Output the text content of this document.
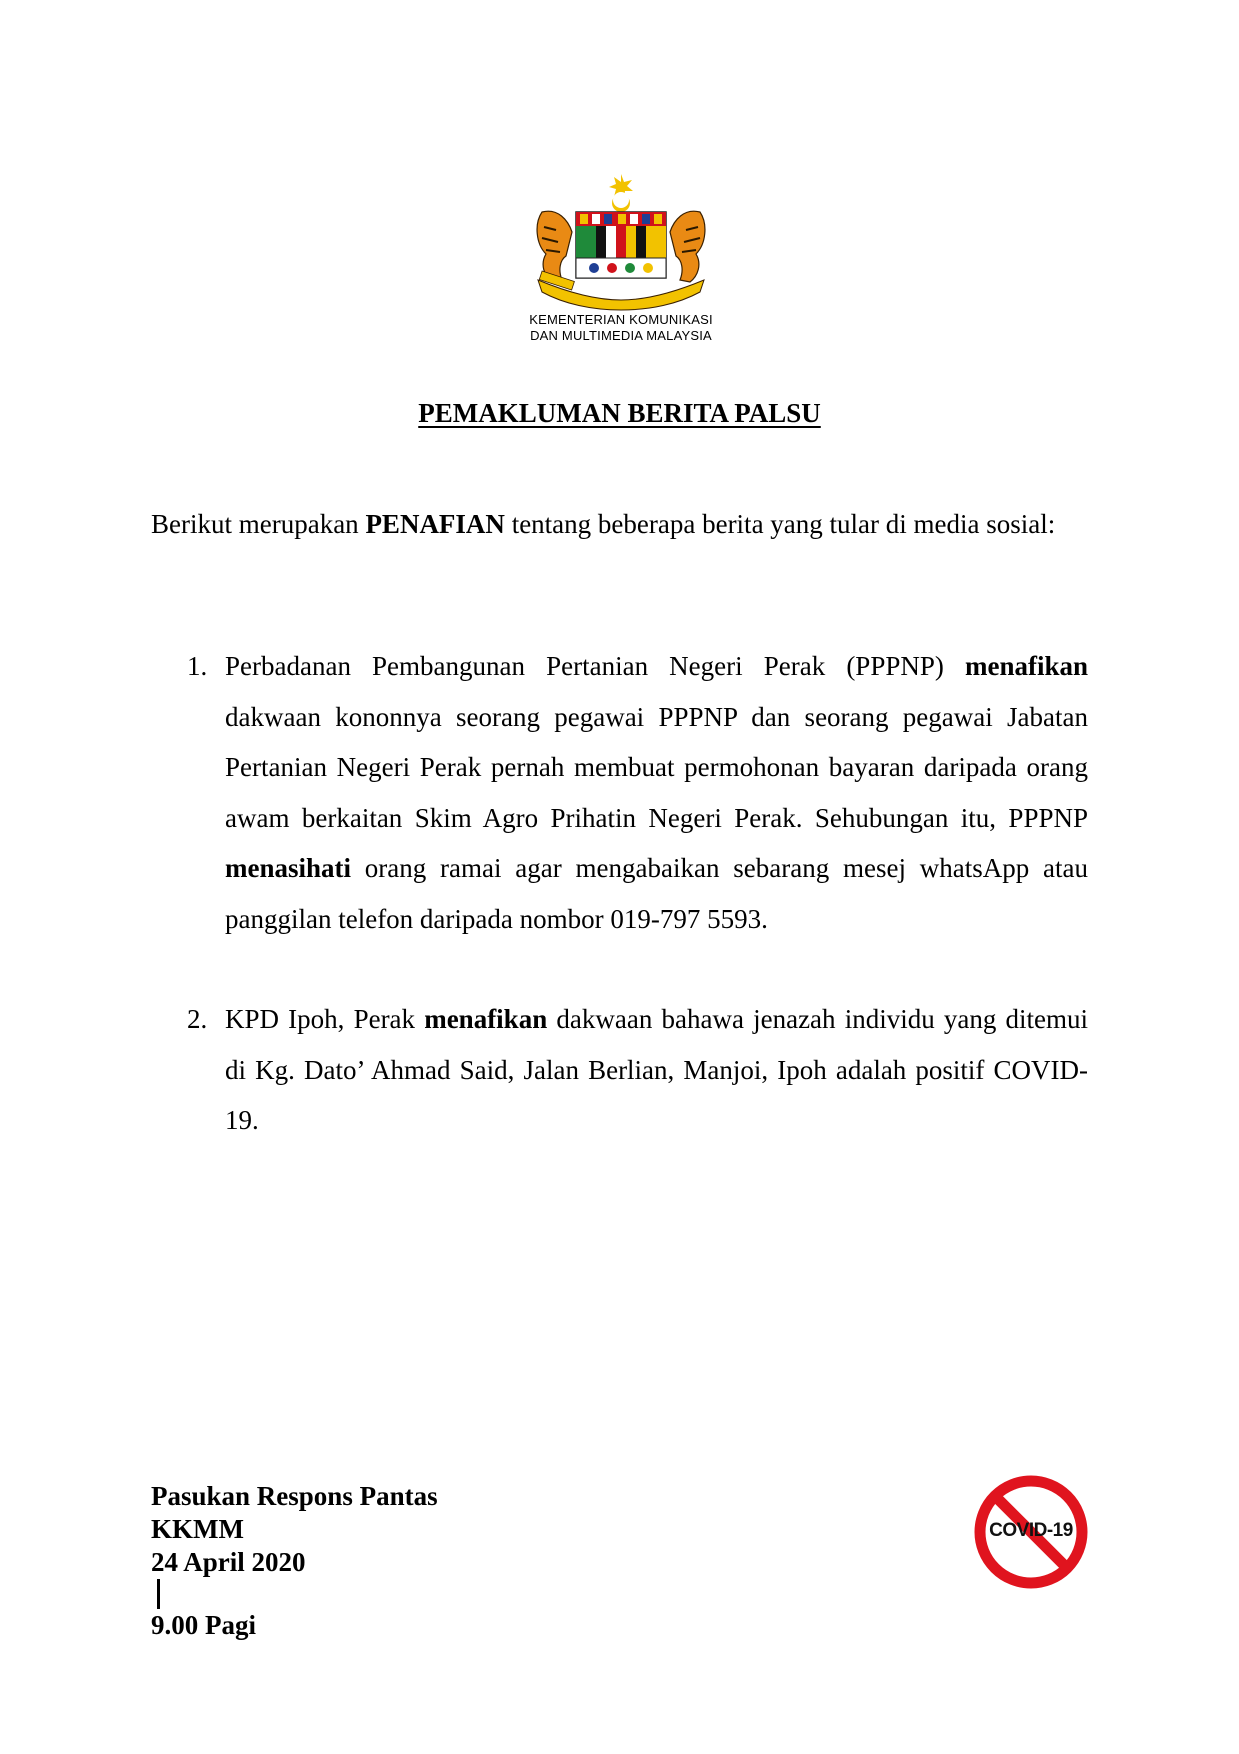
KEMENTERIAN KOMUNIKASI
DAN MULTIMEDIA MALAYSIA
PEMAKLUMAN BERITA PALSU

Berikut merupakan PENAFIAN tentang beberapa berita yang tular di media sosial:

1. Perbadanan Pembangunan Pertanian Negeri Perak (PPPNP) menafikan dakwaan kononnya seorang pegawai PPPNP dan seorang pegawai Jabatan Pertanian Negeri Perak pernah membuat permohonan bayaran daripada orang awam berkaitan Skim Agro Prihatin Negeri Perak. Sehubungan itu, PPPNP menasihati orang ramai agar mengabaikan sebarang mesej whatsApp atau panggilan telefon daripada nombor 019-797 5593.
2. KPD Ipoh, Perak menafikan dakwaan bahawa jenazah individu yang ditemui di Kg. Dato’ Ahmad Said, Jalan Berlian, Manjoi, Ipoh adalah positif COVID-19.
Pasukan Respons Pantas
KKMM
24 April 2020
9.00 Pagi
COVID-19
